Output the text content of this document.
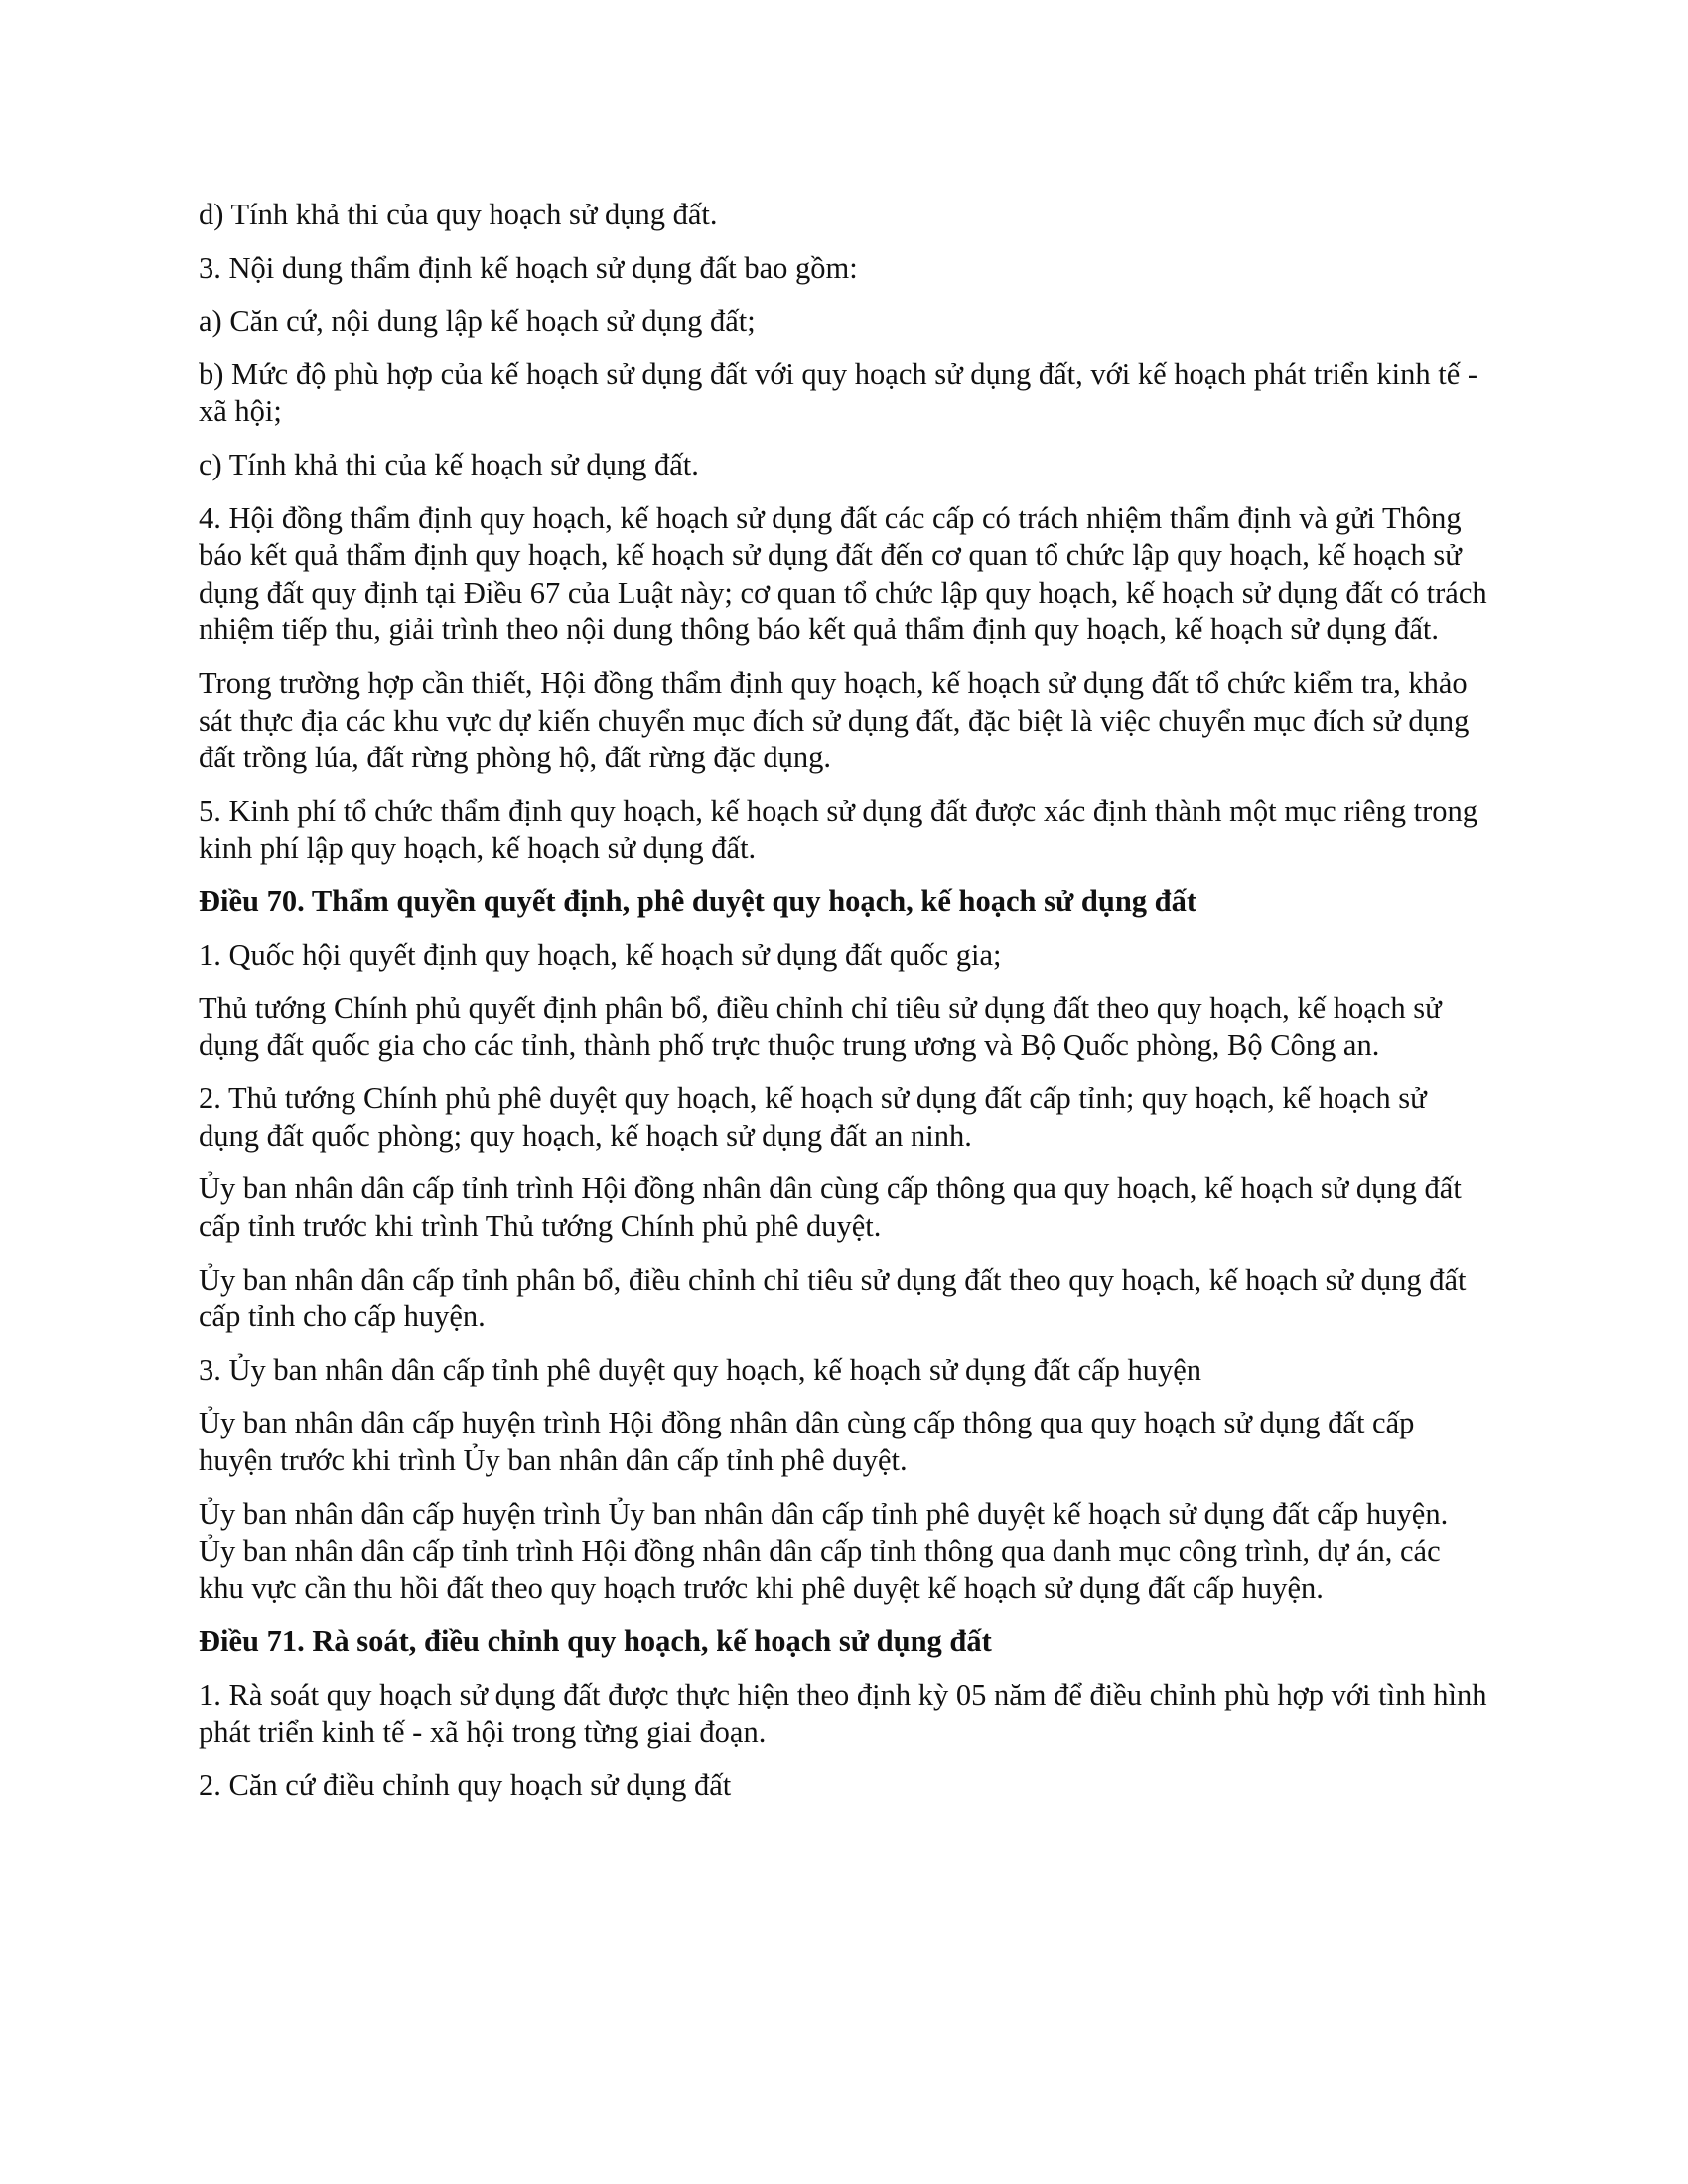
d) Tính khả thi của quy hoạch sử dụng đất.

3. Nội dung thẩm định kế hoạch sử dụng đất bao gồm:

a) Căn cứ, nội dung lập kế hoạch sử dụng đất;

b) Mức độ phù hợp của kế hoạch sử dụng đất với quy hoạch sử dụng đất, với kế hoạch phát triển kinh tế - xã hội;

c) Tính khả thi của kế hoạch sử dụng đất.

4. Hội đồng thẩm định quy hoạch, kế hoạch sử dụng đất các cấp có trách nhiệm thẩm định và gửi Thông báo kết quả thẩm định quy hoạch, kế hoạch sử dụng đất đến cơ quan tổ chức lập quy hoạch, kế hoạch sử dụng đất quy định tại Điều 67 của Luật này; cơ quan tổ chức lập quy hoạch, kế hoạch sử dụng đất có trách nhiệm tiếp thu, giải trình theo nội dung thông báo kết quả thẩm định quy hoạch, kế hoạch sử dụng đất.

Trong trường hợp cần thiết, Hội đồng thẩm định quy hoạch, kế hoạch sử dụng đất tổ chức kiểm tra, khảo sát thực địa các khu vực dự kiến chuyển mục đích sử dụng đất, đặc biệt là việc chuyển mục đích sử dụng đất trồng lúa, đất rừng phòng hộ, đất rừng đặc dụng.

5. Kinh phí tổ chức thẩm định quy hoạch, kế hoạch sử dụng đất được xác định thành một mục riêng trong kinh phí lập quy hoạch, kế hoạch sử dụng đất.

Điều 70. Thẩm quyền quyết định, phê duyệt quy hoạch, kế hoạch sử dụng đất

1. Quốc hội quyết định quy hoạch, kế hoạch sử dụng đất quốc gia;

Thủ tướng Chính phủ quyết định phân bổ, điều chỉnh chỉ tiêu sử dụng đất theo quy hoạch, kế hoạch sử dụng đất quốc gia cho các tỉnh, thành phố trực thuộc trung ương và Bộ Quốc phòng, Bộ Công an.

2. Thủ tướng Chính phủ phê duyệt quy hoạch, kế hoạch sử dụng đất cấp tỉnh; quy hoạch, kế hoạch sử dụng đất quốc phòng; quy hoạch, kế hoạch sử dụng đất an ninh.

Ủy ban nhân dân cấp tỉnh trình Hội đồng nhân dân cùng cấp thông qua quy hoạch, kế hoạch sử dụng đất cấp tỉnh trước khi trình Thủ tướng Chính phủ phê duyệt.

Ủy ban nhân dân cấp tỉnh phân bổ, điều chỉnh chỉ tiêu sử dụng đất theo quy hoạch, kế hoạch sử dụng đất cấp tỉnh cho cấp huyện.

3. Ủy ban nhân dân cấp tỉnh phê duyệt quy hoạch, kế hoạch sử dụng đất cấp huyện

Ủy ban nhân dân cấp huyện trình Hội đồng nhân dân cùng cấp thông qua quy hoạch sử dụng đất cấp huyện trước khi trình Ủy ban nhân dân cấp tỉnh phê duyệt.

Ủy ban nhân dân cấp huyện trình Ủy ban nhân dân cấp tỉnh phê duyệt kế hoạch sử dụng đất cấp huyện. Ủy ban nhân dân cấp tỉnh trình Hội đồng nhân dân cấp tỉnh thông qua danh mục công trình, dự án, các khu vực cần thu hồi đất theo quy hoạch trước khi phê duyệt kế hoạch sử dụng đất cấp huyện.

Điều 71. Rà soát, điều chỉnh quy hoạch, kế hoạch sử dụng đất

1. Rà soát quy hoạch sử dụng đất được thực hiện theo định kỳ 05 năm để điều chỉnh phù hợp với tình hình phát triển kinh tế - xã hội trong từng giai đoạn.

2. Căn cứ điều chỉnh quy hoạch sử dụng đất
